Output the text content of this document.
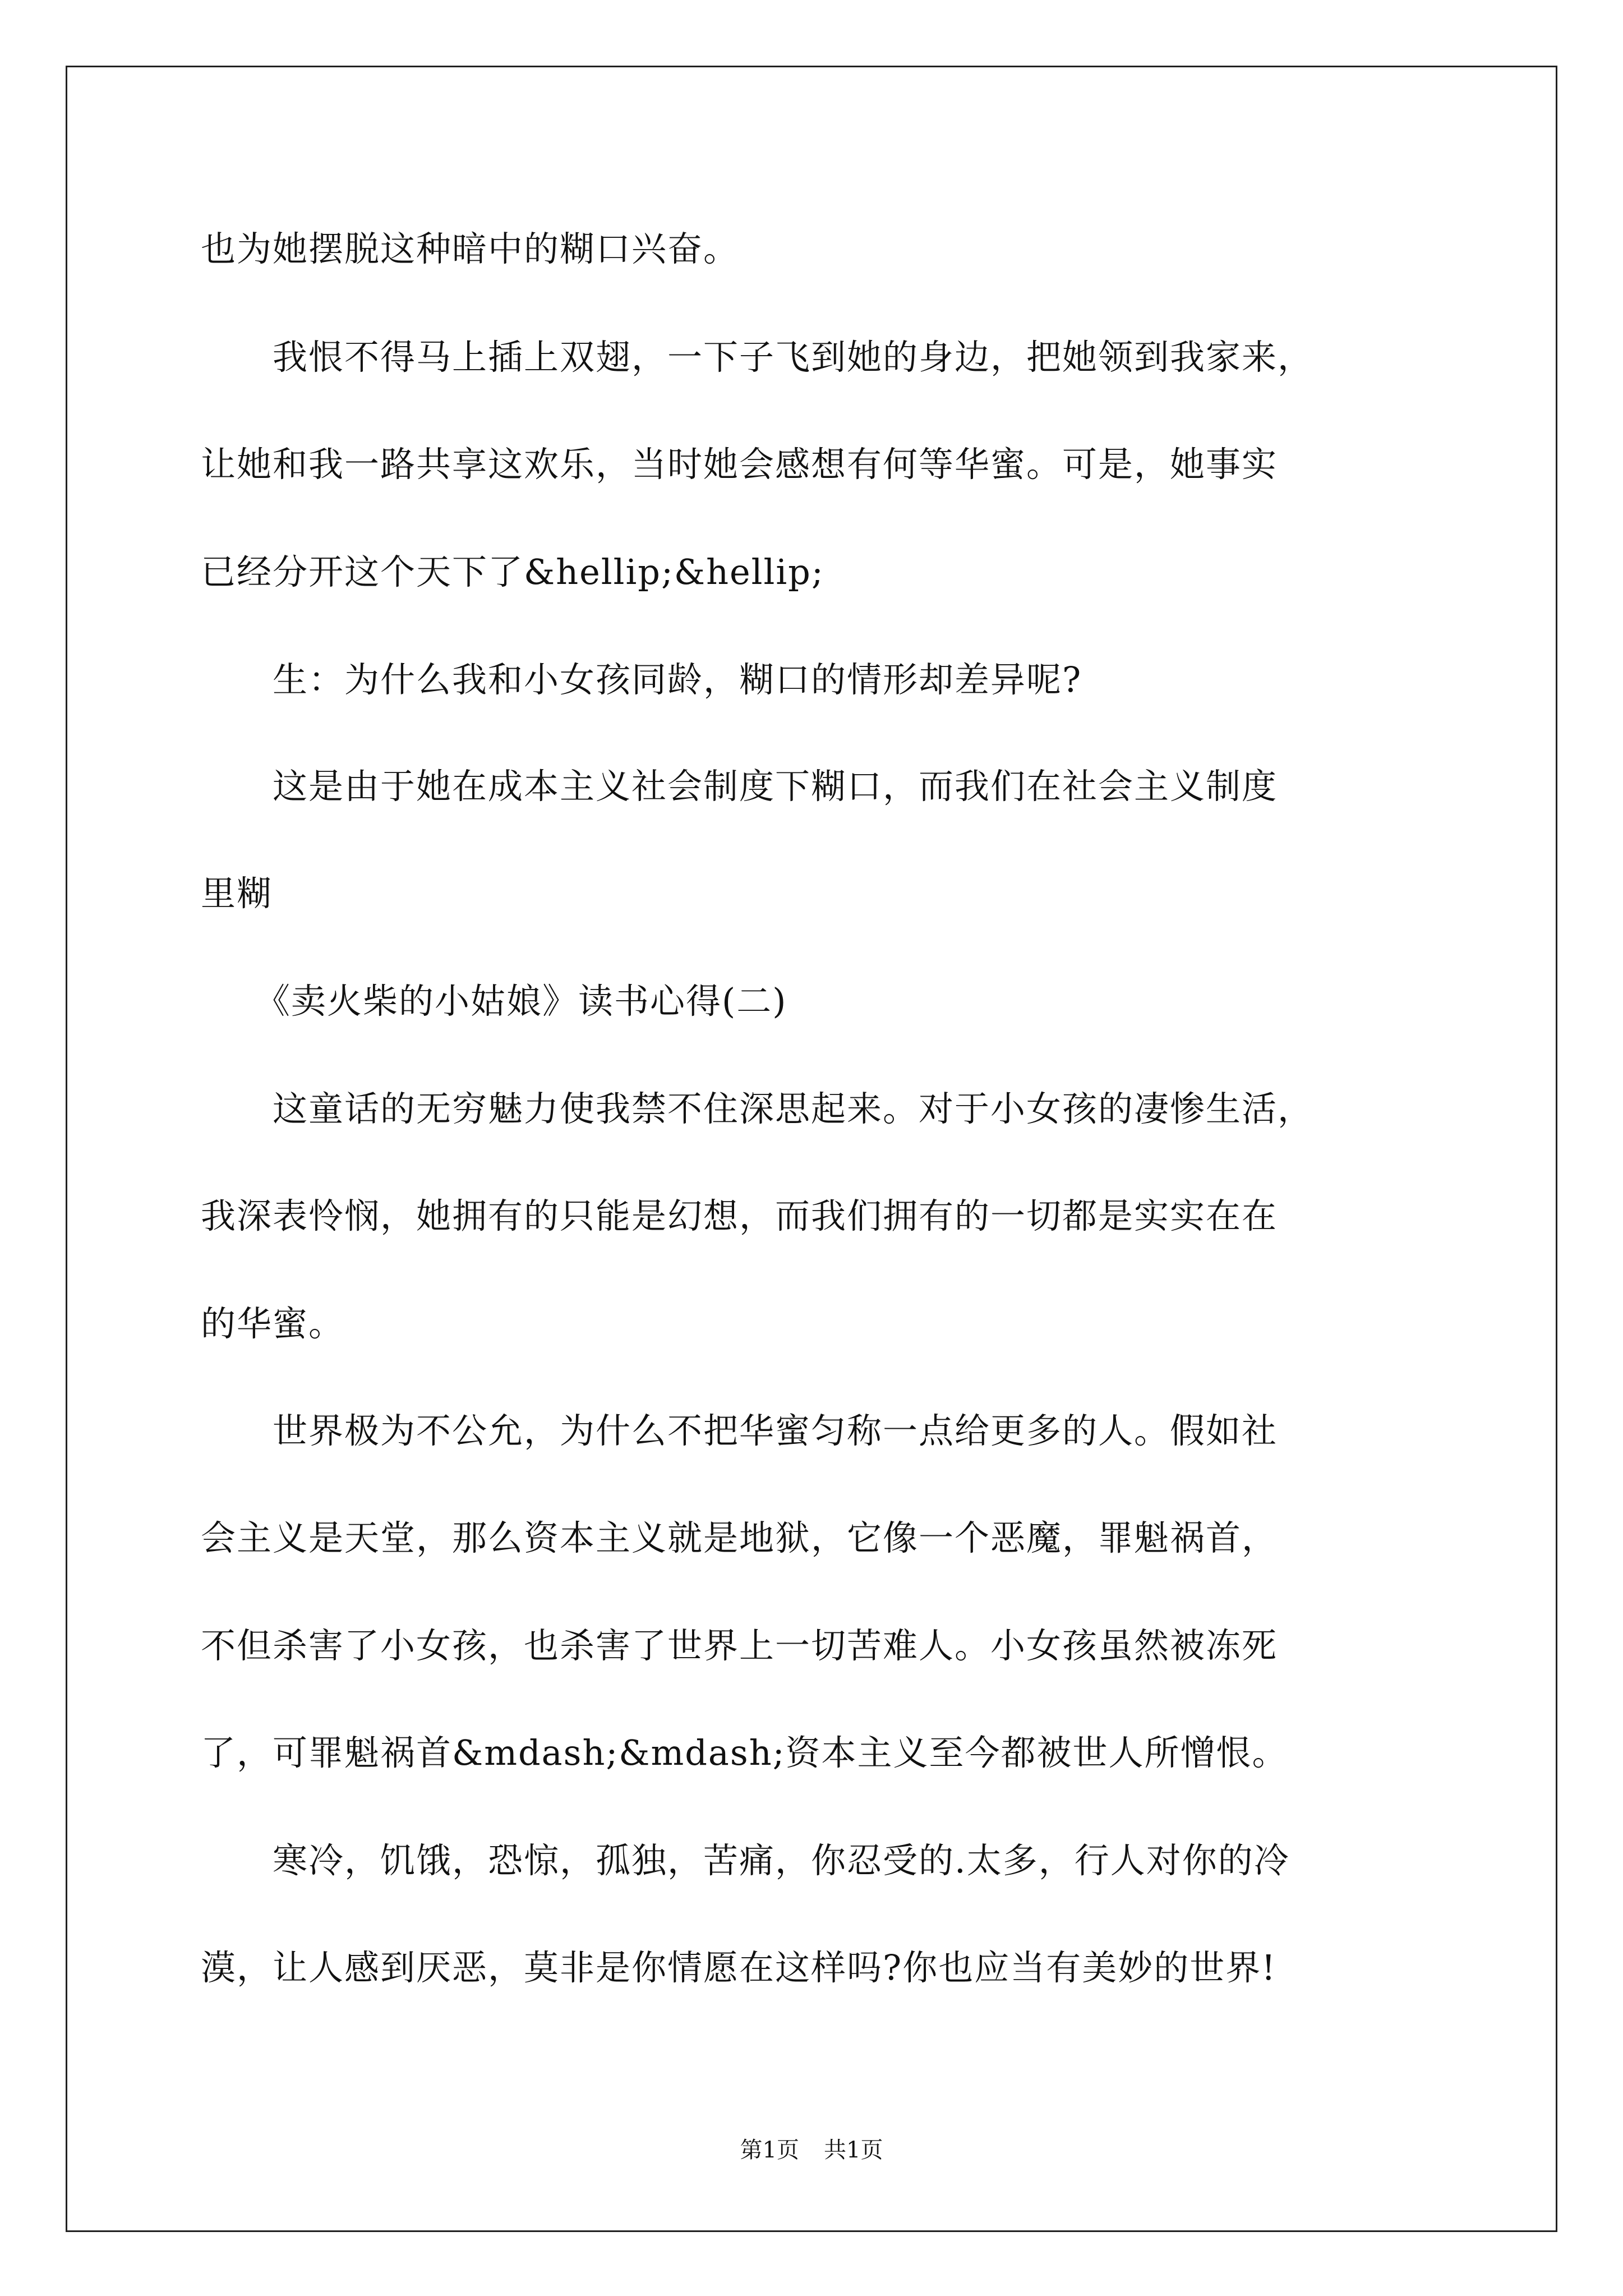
也为她摆脱这种暗中的糊口兴奋。
　　我恨不得马上插上双翅，一下子飞到她的身边，把她领到我家来，
让她和我一路共享这欢乐，当时她会感想有何等华蜜。可是，她事实
已经分开这个天下了&hellip;&hellip;
　　生：为什么我和小女孩同龄，糊口的情形却差异呢?
　　这是由于她在成本主义社会制度下糊口，而我们在社会主义制度
里糊
　　《卖火柴的小姑娘》读书心得(二)
　　这童话的无穷魅力使我禁不住深思起来。对于小女孩的凄惨生活，
我深表怜悯，她拥有的只能是幻想，而我们拥有的一切都是实实在在
的华蜜。
　　世界极为不公允，为什么不把华蜜匀称一点给更多的人。假如社
会主义是天堂，那么资本主义就是地狱，它像一个恶魔，罪魁祸首，
不但杀害了小女孩，也杀害了世界上一切苦难人。小女孩虽然被冻死
了，可罪魁祸首&mdash;&mdash;资本主义至今都被世人所憎恨。
　　寒冷，饥饿，恐惊，孤独，苦痛，你忍受的.太多，行人对你的冷
漠，让人感到厌恶，莫非是你情愿在这样吗?你也应当有美妙的世界!
第1页 共1页
